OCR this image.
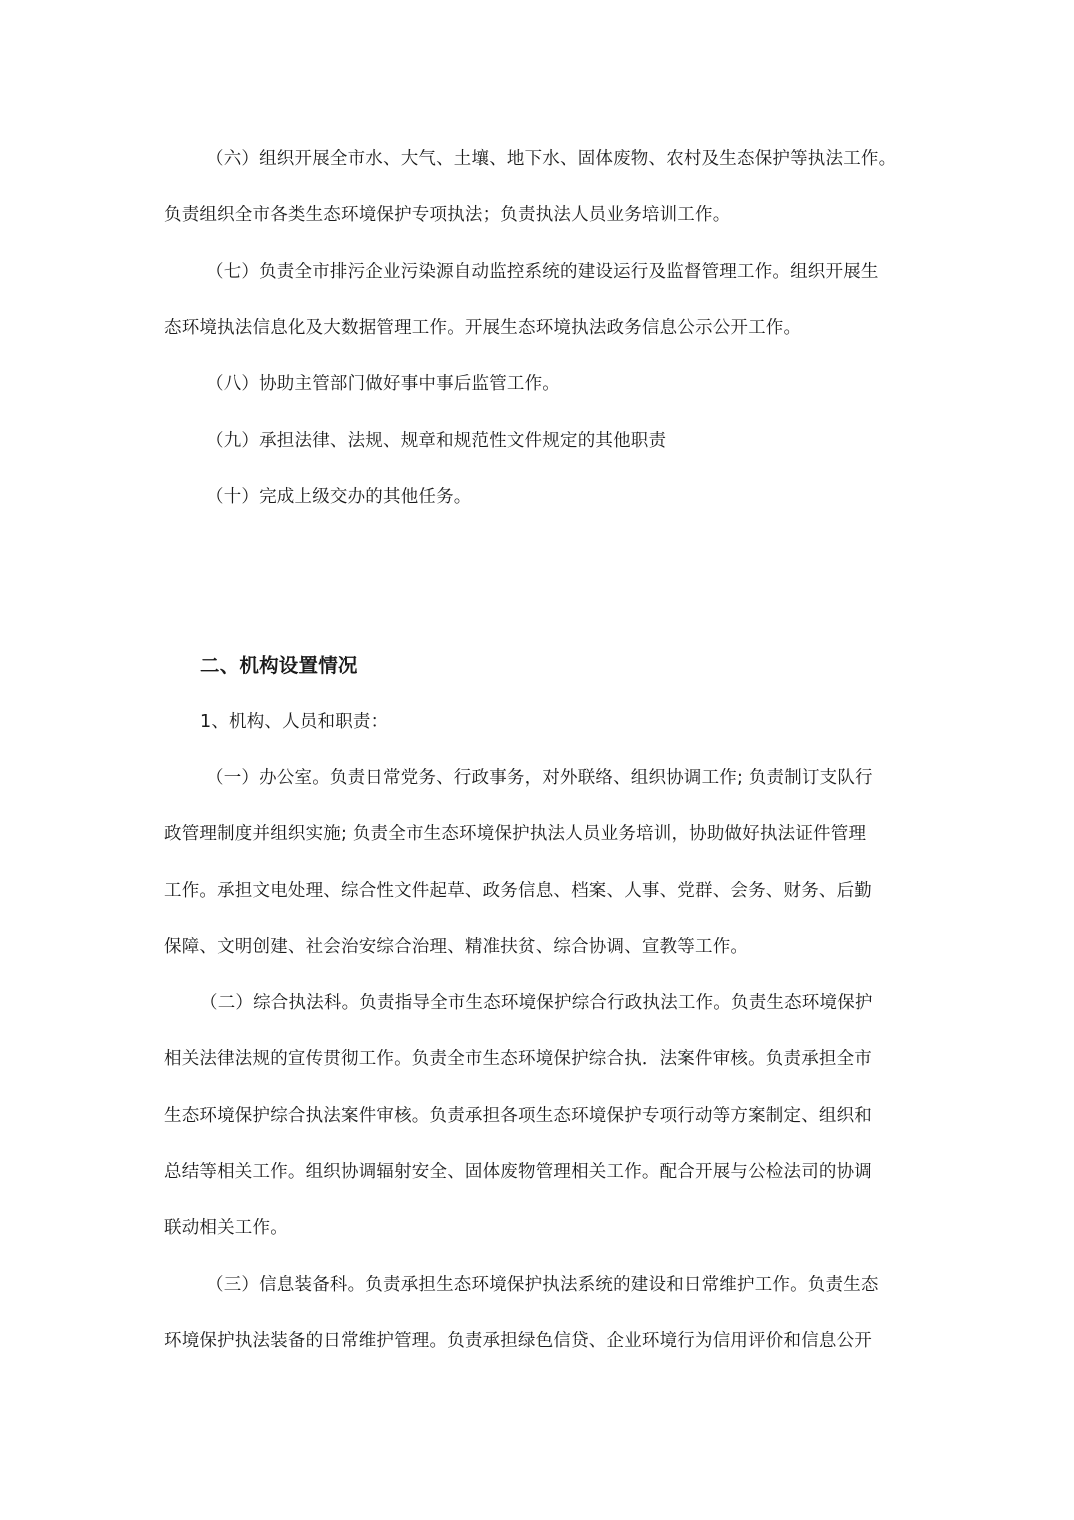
（六）组织开展全市水、大气、土壤、地下水、固体废物、农村及生态保护等执法工作。
负责组织全市各类生态环境保护专项执法；负责执法人员业务培训工作。
（七）负责全市排污企业污染源自动监控系统的建设运行及监督管理工作。组织开展生
态环境执法信息化及大数据管理工作。开展生态环境执法政务信息公示公开工作。
（八）协助主管部门做好事中事后监管工作。
（九）承担法律、法规、规章和规范性文件规定的其他职责
（十）完成上级交办的其他任务。
二、机构设置情况
1、机构、人员和职责：
（一）办公室。负责日常党务、行政事务，对外联络、组织协调工作; 负责制订支队行
政管理制度并组织实施; 负责全市生态环境保护执法人员业务培训，协助做好执法证件管理
工作。承担文电处理、综合性文件起草、政务信息、档案、人事、党群、会务、财务、后勤
保障、文明创建、社会治安综合治理、精准扶贫、综合协调、宣教等工作。
（二）综合执法科。负责指导全市生态环境保护综合行政执法工作。负责生态环境保护
相关法律法规的宣传贯彻工作。负责全市生态环境保护综合执．法案件审核。负责承担全市
生态环境保护综合执法案件审核。负责承担各项生态环境保护专项行动等方案制定、组织和
总结等相关工作。组织协调辐射安全、固体废物管理相关工作。配合开展与公检法司的协调
联动相关工作。
（三）信息装备科。负责承担生态环境保护执法系统的建设和日常维护工作。负责生态
环境保护执法装备的日常维护管理。负责承担绿色信贷、企业环境行为信用评价和信息公开
